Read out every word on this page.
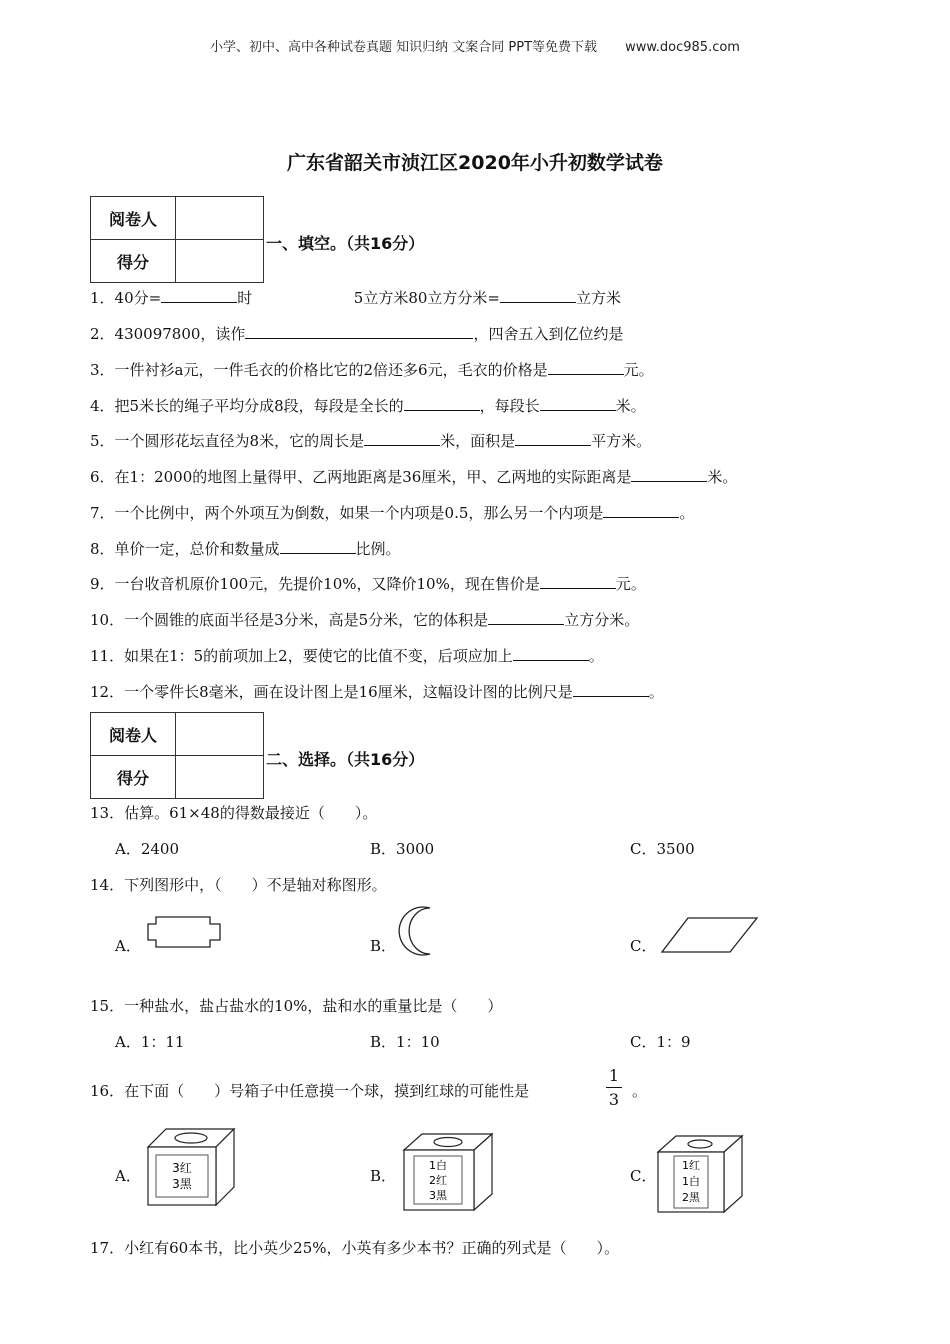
小学、初中、高中各种试卷真题 知识归纳 文案合同 PPT等免费下载 www.doc985.com
广东省韶关市浈江区2020年小升初数学试卷
阅卷人	
得分	
一、填空。（共16分）
1．40分=	时	5立方米80立方分米=	立方米
2．430097800，读作	，四舍五入到亿位约是
3．一件衬衫a元，一件毛衣的价格比它的2倍还多6元，毛衣的价格是	元。
4．把5米长的绳子平均分成8段，每段是全长的	，每段长	米。
5．一个圆形花坛直径为8米，它的周长是	米，面积是	平方米。
6．在1：2000的地图上量得甲、乙两地距离是36厘米，甲、乙两地的实际距离是	米。
7．一个比例中，两个外项互为倒数，如果一个内项是0.5，那么另一个内项是	。
8．单价一定，总价和数量成	比例。
9．一台收音机原价100元，先提价10%，又降价10%，现在售价是	元。
10．一个圆锥的底面半径是3分米，高是5分米，它的体积是	立方分米。
11．如果在1：5的前项加上2，要使它的比值不变，后项应加上	。
12．一个零件长8毫米，画在设计图上是16厘米，这幅设计图的比例尺是	。
阅卷人	
得分	
二、选择。（共16分）
13．估算。61×48的得数最接近（　　）。
A．2400	B．3000	C．3500
14．下列图形中，（　　）不是轴对称图形。
A．	B．	C．
15．一种盐水，盐占盐水的10%，盐和水的重量比是（　　）
A．1：11	B．1：10	C．1：9
16．在下面（　　）号箱子中任意摸一个球，摸到红球的可能性是
1
3 。
A．	B．	C．
3红
3黑
1白
2红
3黑
1红
1白
2黑
17．小红有60本书，比小英少25%，小英有多少本书？正确的列式是（　　）。
